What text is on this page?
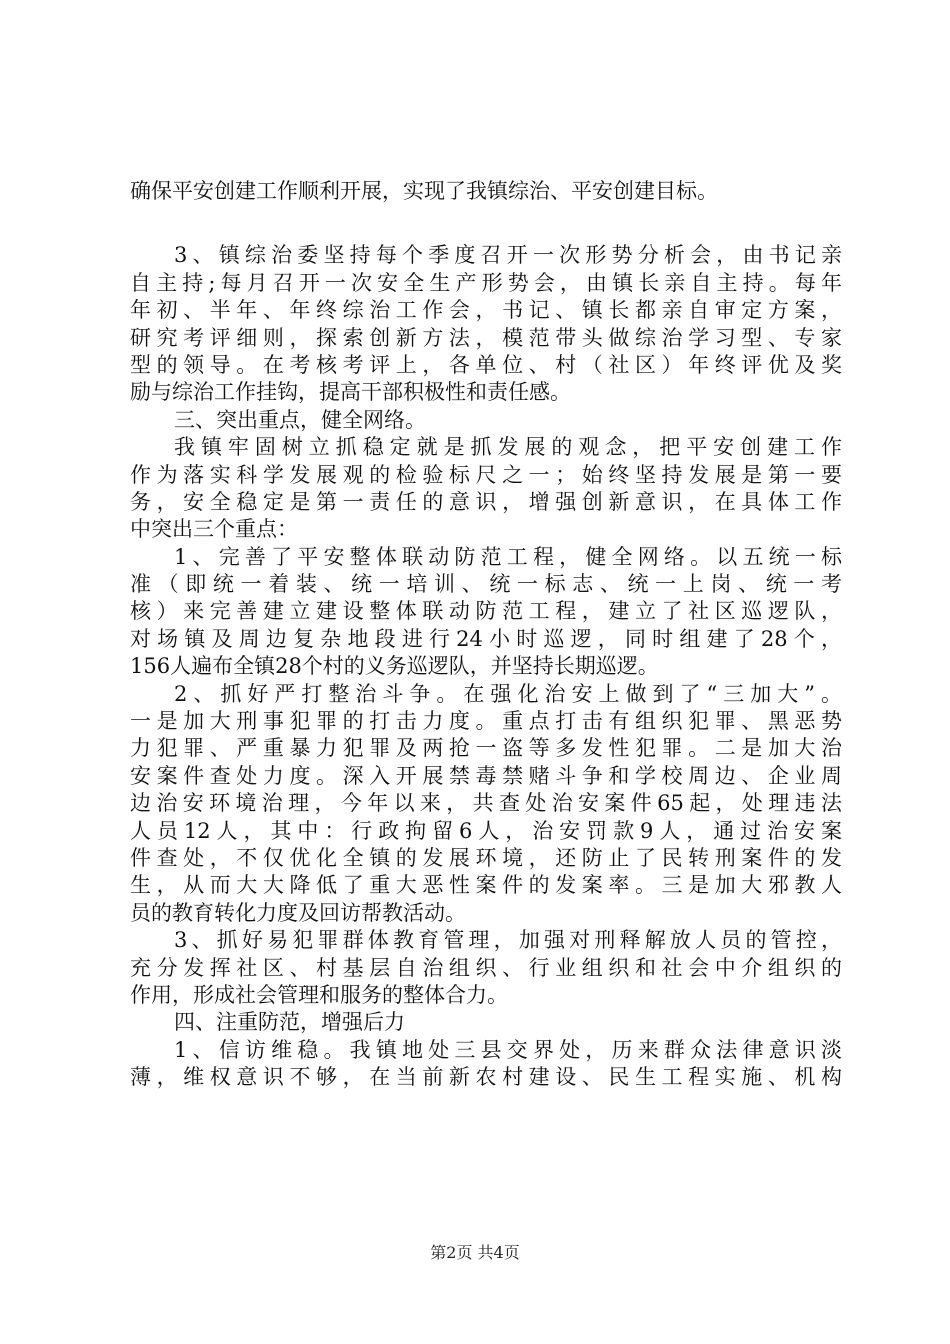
确保平安创建工作顺利开展，实现了我镇综治、平安创建目标。
3、镇综治委坚持每个季度召开一次形势分析会，由书记亲
自主持;每月召开一次安全生产形势会，由镇长亲自主持。每年
年初、半年、年终综治工作会，书记、镇长都亲自审定方案，
研究考评细则，探索创新方法，模范带头做综治学习型、专家
型的领导。在考核考评上，各单位、村（社区）年终评优及奖
励与综治工作挂钩，提高干部积极性和责任感。
三、突出重点，健全网络。
我镇牢固树立抓稳定就是抓发展的观念，把平安创建工作
作为落实科学发展观的检验标尺之一；始终坚持发展是第一要
务，安全稳定是第一责任的意识，增强创新意识，在具体工作
中突出三个重点：
1、完善了平安整体联动防范工程，健全网络。以五统一标
准（即统一着装、统一培训、统一标志、统一上岗、统一考
核）来完善建立建设整体联动防范工程，建立了社区巡逻队，
对场镇及周边复杂地段进行24小时巡逻，同时组建了28个，
156人遍布全镇28个村的义务巡逻队，并坚持长期巡逻。
2、抓好严打整治斗争。在强化治安上做到了“三加大”。
一是加大刑事犯罪的打击力度。重点打击有组织犯罪、黑恶势
力犯罪、严重暴力犯罪及两抢一盗等多发性犯罪。二是加大治
安案件查处力度。深入开展禁毒禁赌斗争和学校周边、企业周
边治安环境治理，今年以来，共查处治安案件65起，处理违法
人员12人，其中：行政拘留6人，治安罚款9人，通过治安案
件查处，不仅优化全镇的发展环境，还防止了民转刑案件的发
生，从而大大降低了重大恶性案件的发案率。三是加大邪教人
员的教育转化力度及回访帮教活动。
3、抓好易犯罪群体教育管理，加强对刑释解放人员的管控，
充分发挥社区、村基层自治组织、行业组织和社会中介组织的
作用，形成社会管理和服务的整体合力。
四、注重防范，增强后力
1、信访维稳。我镇地处三县交界处，历来群众法律意识淡
薄，维权意识不够，在当前新农村建设、民生工程实施、机构
第2页 共4页
